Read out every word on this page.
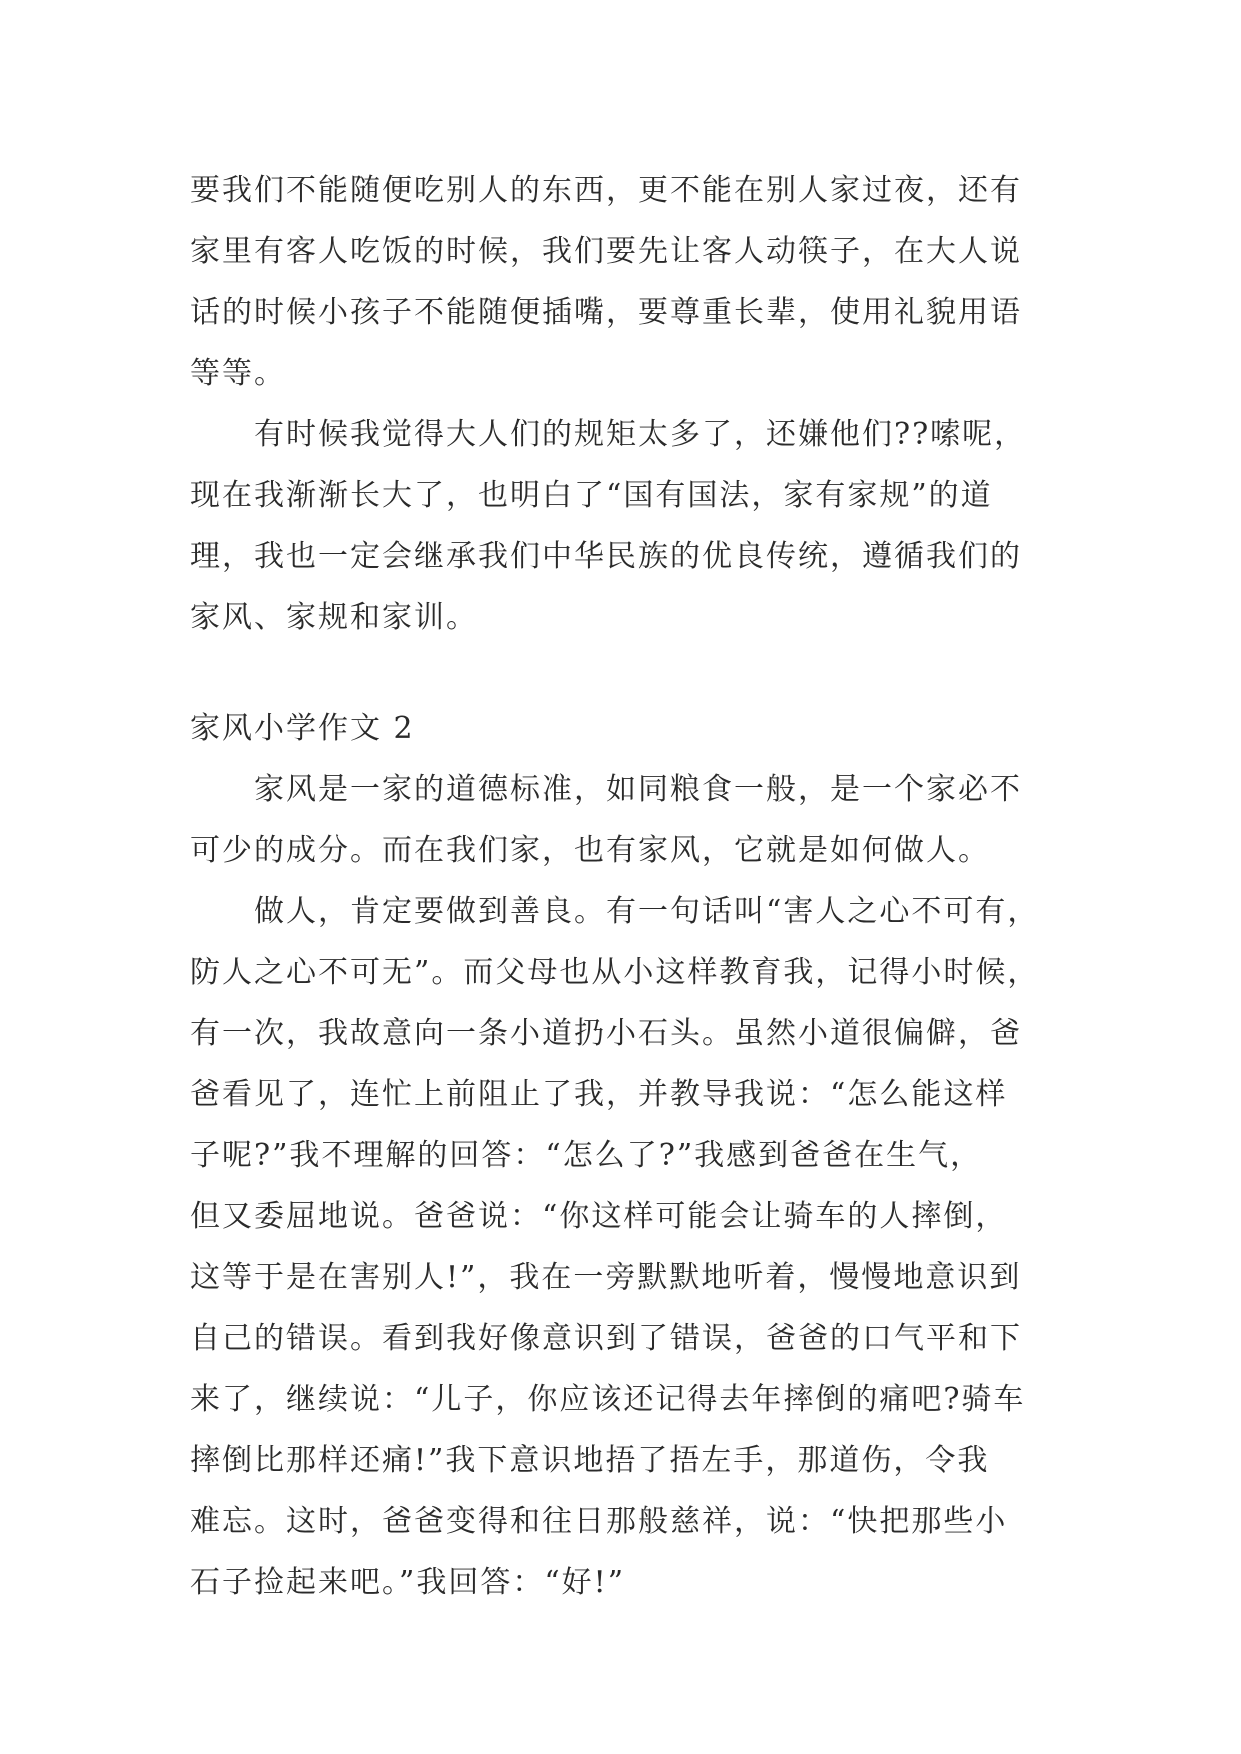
要我们不能随便吃别人的东西，更不能在别人家过夜，还有
家里有客人吃饭的时候，我们要先让客人动筷子，在大人说
话的时候小孩子不能随便插嘴，要尊重长辈，使用礼貌用语
等等。
有时候我觉得大人们的规矩太多了，还嫌他们??嗦呢，
现在我渐渐长大了，也明白了“国有国法，家有家规”的道
理，我也一定会继承我们中华民族的优良传统，遵循我们的
家风、家规和家训。
家风小学作文 2
家风是一家的道德标准，如同粮食一般，是一个家必不
可少的成分。而在我们家，也有家风，它就是如何做人。
做人，肯定要做到善良。有一句话叫“害人之心不可有，
防人之心不可无”。而父母也从小这样教育我，记得小时候，
有一次，我故意向一条小道扔小石头。虽然小道很偏僻，爸
爸看见了，连忙上前阻止了我，并教导我说：“怎么能这样
子呢?”我不理解的回答：“怎么了?”我感到爸爸在生气，
但又委屈地说。爸爸说：“你这样可能会让骑车的人摔倒，
这等于是在害别人!”，我在一旁默默地听着，慢慢地意识到
自己的错误。看到我好像意识到了错误，爸爸的口气平和下
来了，继续说：“儿子，你应该还记得去年摔倒的痛吧?骑车
摔倒比那样还痛!”我下意识地捂了捂左手，那道伤，令我
难忘。这时，爸爸变得和往日那般慈祥，说：“快把那些小
石子捡起来吧。”我回答：“好!”
